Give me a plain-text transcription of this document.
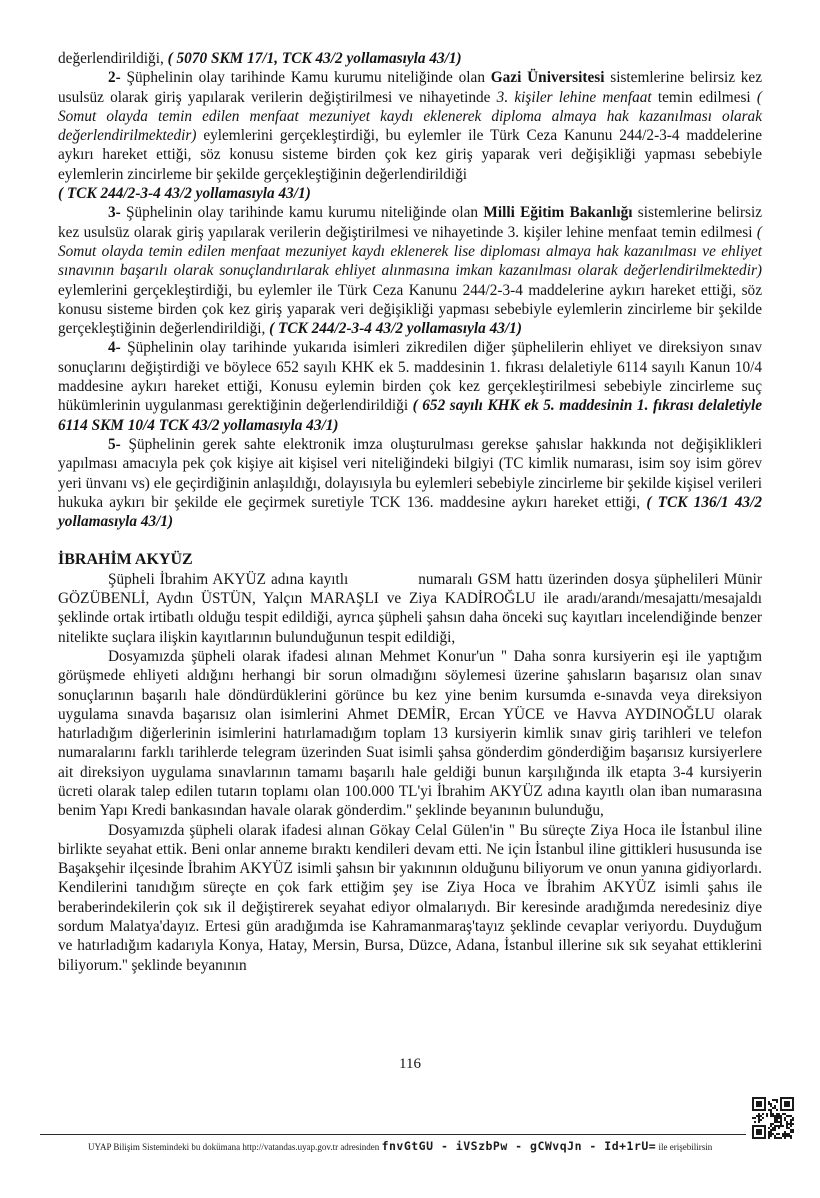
değerlendirildiği, ( 5070 SKM 17/1, TCK 43/2 yollamasıyla 43/1)

2- Şüphelinin olay tarihinde Kamu kurumu niteliğinde olan Gazi Üniversitesi sistemlerine belirsiz kez usulsüz olarak giriş yapılarak verilerin değiştirilmesi ve nihayetinde 3. kişiler lehine menfaat temin edilmesi ( Somut olayda temin edilen menfaat mezuniyet kaydı eklenerek diploma almaya hak kazanılması olarak değerlendirilmektedir) eylemlerini gerçekleştirdiği, bu eylemler ile Türk Ceza Kanunu 244/2-3-4 maddelerine aykırı hareket ettiği, söz konusu sisteme birden çok kez giriş yaparak veri değişikliği yapması sebebiyle eylemlerin zincirleme bir şekilde gerçekleştiğinin değerlendirildiği

( TCK 244/2-3-4 43/2 yollamasıyla 43/1)

3- Şüphelinin olay tarihinde kamu kurumu niteliğinde olan Milli Eğitim Bakanlığı sistemlerine belirsiz kez usulsüz olarak giriş yapılarak verilerin değiştirilmesi ve nihayetinde 3. kişiler lehine menfaat temin edilmesi ( Somut olayda temin edilen menfaat mezuniyet kaydı eklenerek lise diploması almaya hak kazanılması ve ehliyet sınavının başarılı olarak sonuçlandırılarak ehliyet alınmasına imkan kazanılması olarak değerlendirilmektedir) eylemlerini gerçekleştirdiği, bu eylemler ile Türk Ceza Kanunu 244/2-3-4 maddelerine aykırı hareket ettiği, söz konusu sisteme birden çok kez giriş yaparak veri değişikliği yapması sebebiyle eylemlerin zincirleme bir şekilde gerçekleştiğinin değerlendirildiği, ( TCK 244/2-3-4 43/2 yollamasıyla 43/1)

4- Şüphelinin olay tarihinde yukarıda isimleri zikredilen diğer şüphelilerin ehliyet ve direksiyon sınav sonuçlarını değiştirdiği ve böylece 652 sayılı KHK ek 5. maddesinin 1. fıkrası delaletiyle 6114 sayılı Kanun 10/4 maddesine aykırı hareket ettiği, Konusu eylemin birden çok kez gerçekleştirilmesi sebebiyle zincirleme suç hükümlerinin uygulanması gerektiğinin değerlendirildiği ( 652 sayılı KHK ek 5. maddesinin 1. fıkrası delaletiyle 6114 SKM 10/4 TCK 43/2 yollamasıyla 43/1)

5- Şüphelinin gerek sahte elektronik imza oluşturulması gerekse şahıslar hakkında not değişiklikleri yapılması amacıyla pek çok kişiye ait kişisel veri niteliğindeki bilgiyi (TC kimlik numarası, isim soy isim görev yeri ünvanı vs) ele geçirdiğinin anlaşıldığı, dolayısıyla bu eylemleri sebebiyle zincirleme bir şekilde kişisel verileri hukuka aykırı bir şekilde ele geçirmek suretiyle TCK 136. maddesine aykırı hareket ettiği, ( TCK 136/1 43/2 yollamasıyla 43/1)

İBRAHİM AKYÜZ

Şüpheli İbrahim AKYÜZ adına kayıtlı	numaralı GSM hattı üzerinden dosya şüphelileri Münir GÖZÜBENLİ, Aydın ÜSTÜN, Yalçın MARAŞLI ve Ziya KADİROĞLU ile aradı/arandı/mesajattı/mesajaldı şeklinde ortak irtibatlı olduğu tespit edildiği, ayrıca şüpheli şahsın daha önceki suç kayıtları incelendiğinde benzer nitelikte suçlara ilişkin kayıtlarının bulunduğunun tespit edildiği,

Dosyamızda şüpheli olarak ifadesi alınan Mehmet Konur'un '' Daha sonra kursiyerin eşi ile yaptığım görüşmede ehliyeti aldığını herhangi bir sorun olmadığını söylemesi üzerine şahısların başarısız olan sınav sonuçlarının başarılı hale döndürdüklerini görünce bu kez yine benim kursumda e-sınavda veya direksiyon uygulama sınavda başarısız olan isimlerini Ahmet DEMİR, Ercan YÜCE ve Havva AYDINOĞLU olarak hatırladığım diğerlerinin isimlerini hatırlamadığım toplam 13 kursiyerin kimlik sınav giriş tarihleri ve telefon numaralarını farklı tarihlerde telegram üzerinden Suat isimli şahsa gönderdim gönderdiğim başarısız kursiyerlere ait direksiyon uygulama sınavlarının tamamı başarılı hale geldiği bunun karşılığında ilk etapta 3-4 kursiyerin ücreti olarak talep edilen tutarın toplamı olan 100.000 TL'yi İbrahim AKYÜZ adına kayıtlı olan iban numarasına benim Yapı Kredi bankasından havale olarak gönderdim.'' şeklinde beyanının bulunduğu,

Dosyamızda şüpheli olarak ifadesi alınan Gökay Celal Gülen'in '' Bu süreçte Ziya Hoca ile İstanbul iline birlikte seyahat ettik. Beni onlar anneme bıraktı kendileri devam etti. Ne için İstanbul iline gittikleri hususunda ise Başakşehir ilçesinde İbrahim AKYÜZ isimli şahsın bir yakınının olduğunu biliyorum ve onun yanına gidiyorlardı. Kendilerini tanıdığım süreçte en çok fark ettiğim şey ise Ziya Hoca ve İbrahim AKYÜZ isimli şahıs ile beraberindekilerin çok sık il değiştirerek seyahat ediyor olmalarıydı. Bir keresinde aradığımda neredesiniz diye sordum Malatya'dayız. Ertesi gün aradığımda ise Kahramanmaraş'tayız şeklinde cevaplar veriyordu. Duyduğum ve hatırladığım kadarıyla Konya, Hatay, Mersin, Bursa, Düzce, Adana, İstanbul illerine sık sık seyahat ettiklerini biliyorum.'' şeklinde beyanının

116
UYAP Bilişim Sistemindeki bu dokümana http://vatandas.uyap.gov.tr adresinden fnvGtGU - iVSzbPw - gCWvqJn - Id+1rU= ile erişebilirsin
